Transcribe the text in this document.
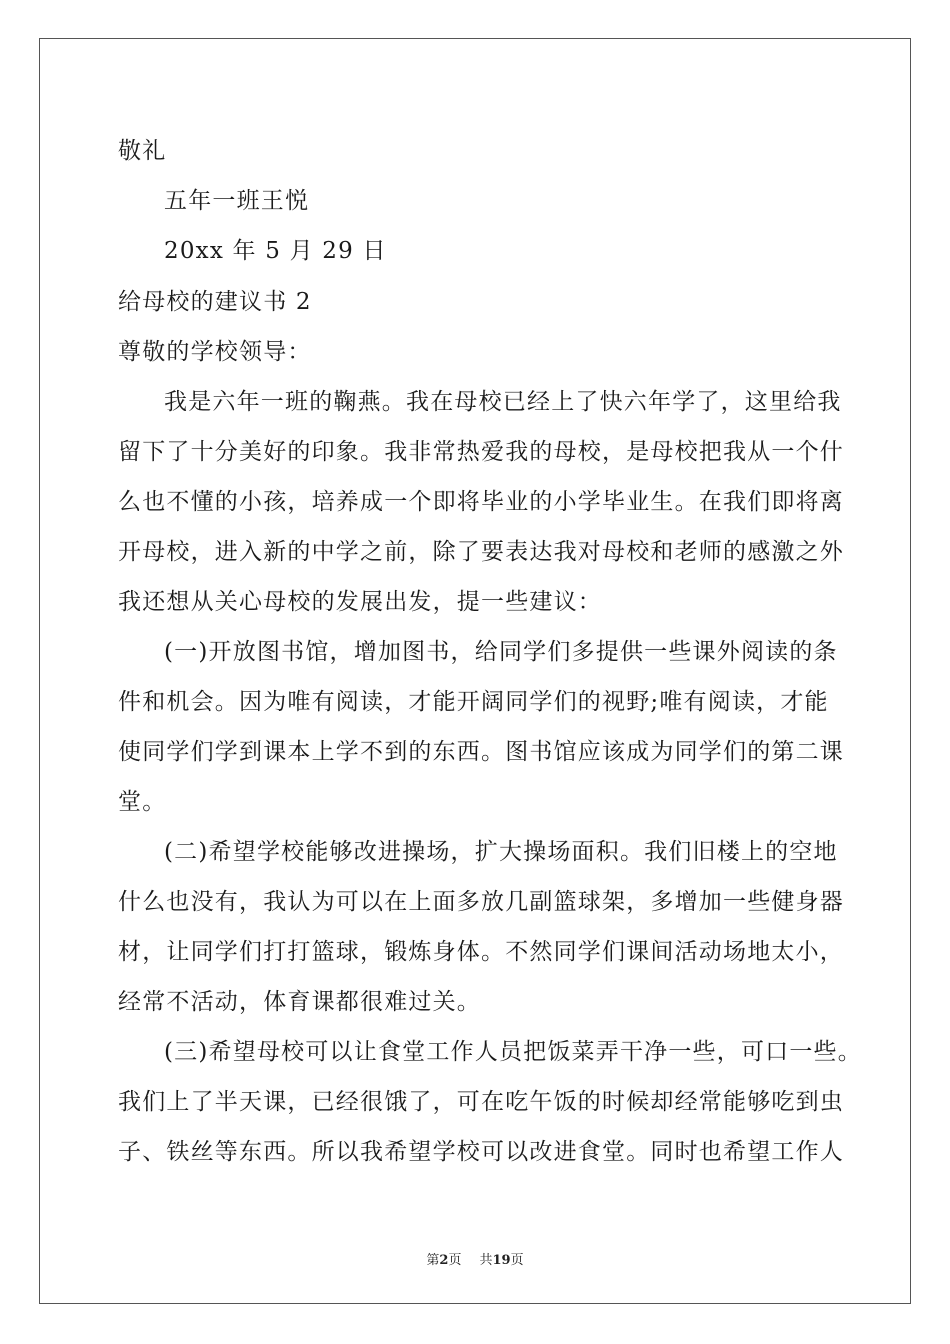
敬礼
五年一班王悦
20xx 年 5 月 29 日
给母校的建议书 2
尊敬的学校领导：
我是六年一班的鞠燕。我在母校已经上了快六年学了，这里给我
留下了十分美好的印象。我非常热爱我的母校，是母校把我从一个什
么也不懂的小孩，培养成一个即将毕业的小学毕业生。在我们即将离
开母校，进入新的中学之前，除了要表达我对母校和老师的感激之外
我还想从关心母校的发展出发，提一些建议：
(一)开放图书馆，增加图书，给同学们多提供一些课外阅读的条
件和机会。因为唯有阅读，才能开阔同学们的视野;唯有阅读，才能
使同学们学到课本上学不到的东西。图书馆应该成为同学们的第二课
堂。
(二)希望学校能够改进操场，扩大操场面积。我们旧楼上的空地
什么也没有，我认为可以在上面多放几副篮球架，多增加一些健身器
材，让同学们打打篮球，锻炼身体。不然同学们课间活动场地太小，
经常不活动，体育课都很难过关。
(三)希望母校可以让食堂工作人员把饭菜弄干净一些，可口一些。
我们上了半天课，已经很饿了，可在吃午饭的时候却经常能够吃到虫
子、铁丝等东西。所以我希望学校可以改进食堂。同时也希望工作人
第2页 共19页
